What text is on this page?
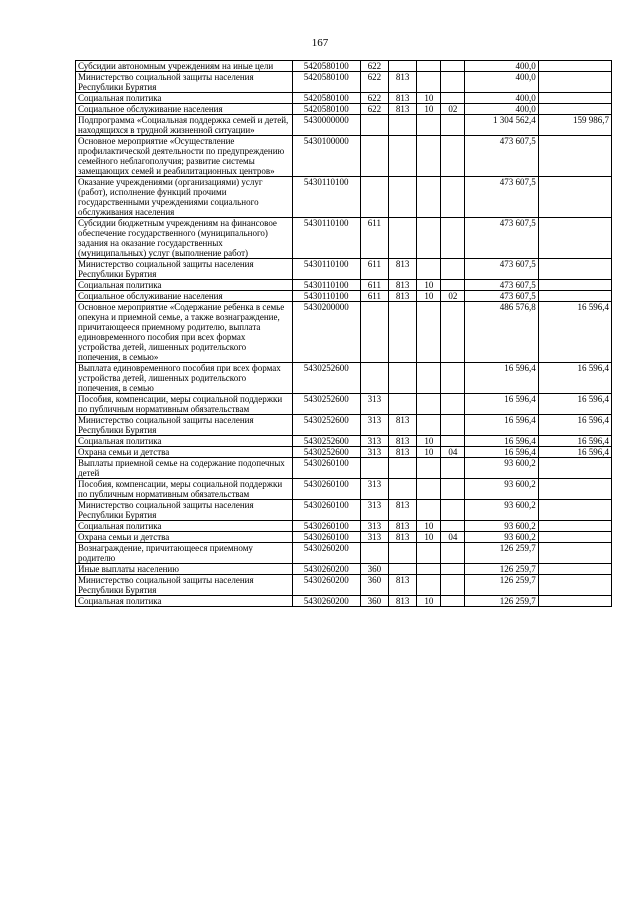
167
Субсидии автономным учреждениям на иные цели	5420580100	622				400,0	
Министерство социальной защиты населения Республики Бурятия	5420580100	622	813			400,0	
Социальная политика	5420580100	622	813	10		400,0	
Социальное обслуживание населения	5420580100	622	813	10	02	400,0	
Подпрограмма «Социальная поддержка семей и детей, находящихся в трудной жизненной ситуации»	5430000000					1 304 562,4	159 986,7
Основное мероприятие «Осуществление профилактической деятельности по предупреждению семейного неблагополучия; развитие системы замещающих семей и реабилитационных центров»	5430100000					473 607,5	
Оказание учреждениями (организациями) услуг (работ), исполнение функций прочими государственными учреждениями социального обслуживания населения	5430110100					473 607,5	
Субсидии бюджетным учреждениям на финансовое обеспечение государственного (муниципального) задания на оказание государственных (муниципальных) услуг (выполнение работ)	5430110100	611				473 607,5	
Министерство социальной защиты населения Республики Бурятия	5430110100	611	813			473 607,5	
Социальная политика	5430110100	611	813	10		473 607,5	
Социальное обслуживание населения	5430110100	611	813	10	02	473 607,5	
Основное мероприятие «Содержание ребенка в семье опекуна и приемной семье, а также вознаграждение, причитающееся приемному родителю, выплата единовременного пособия при всех формах устройства детей, лишенных родительского попечения, в семью»	5430200000					486 576,8	16 596,4
Выплата единовременного пособия при всех формах устройства детей, лишенных родительского попечения, в семью	5430252600					16 596,4	16 596,4
Пособия, компенсации, меры социальной поддержки по публичным нормативным обязательствам	5430252600	313				16 596,4	16 596,4
Министерство социальной защиты населения Республики Бурятия	5430252600	313	813			16 596,4	16 596,4
Социальная политика	5430252600	313	813	10		16 596,4	16 596,4
Охрана семьи и детства	5430252600	313	813	10	04	16 596,4	16 596,4
Выплаты приемной семье на содержание подопечных детей	5430260100					93 600,2	
Пособия, компенсации, меры социальной поддержки по публичным нормативным обязательствам	5430260100	313				93 600,2	
Министерство социальной защиты населения Республики Бурятия	5430260100	313	813			93 600,2	
Социальная политика	5430260100	313	813	10		93 600,2	
Охрана семьи и детства	5430260100	313	813	10	04	93 600,2	
Вознаграждение, причитающееся приемному родителю	5430260200					126 259,7	
Иные выплаты населению	5430260200	360				126 259,7	
Министерство социальной защиты населения Республики Бурятия	5430260200	360	813			126 259,7	
Социальная политика	5430260200	360	813	10		126 259,7	
